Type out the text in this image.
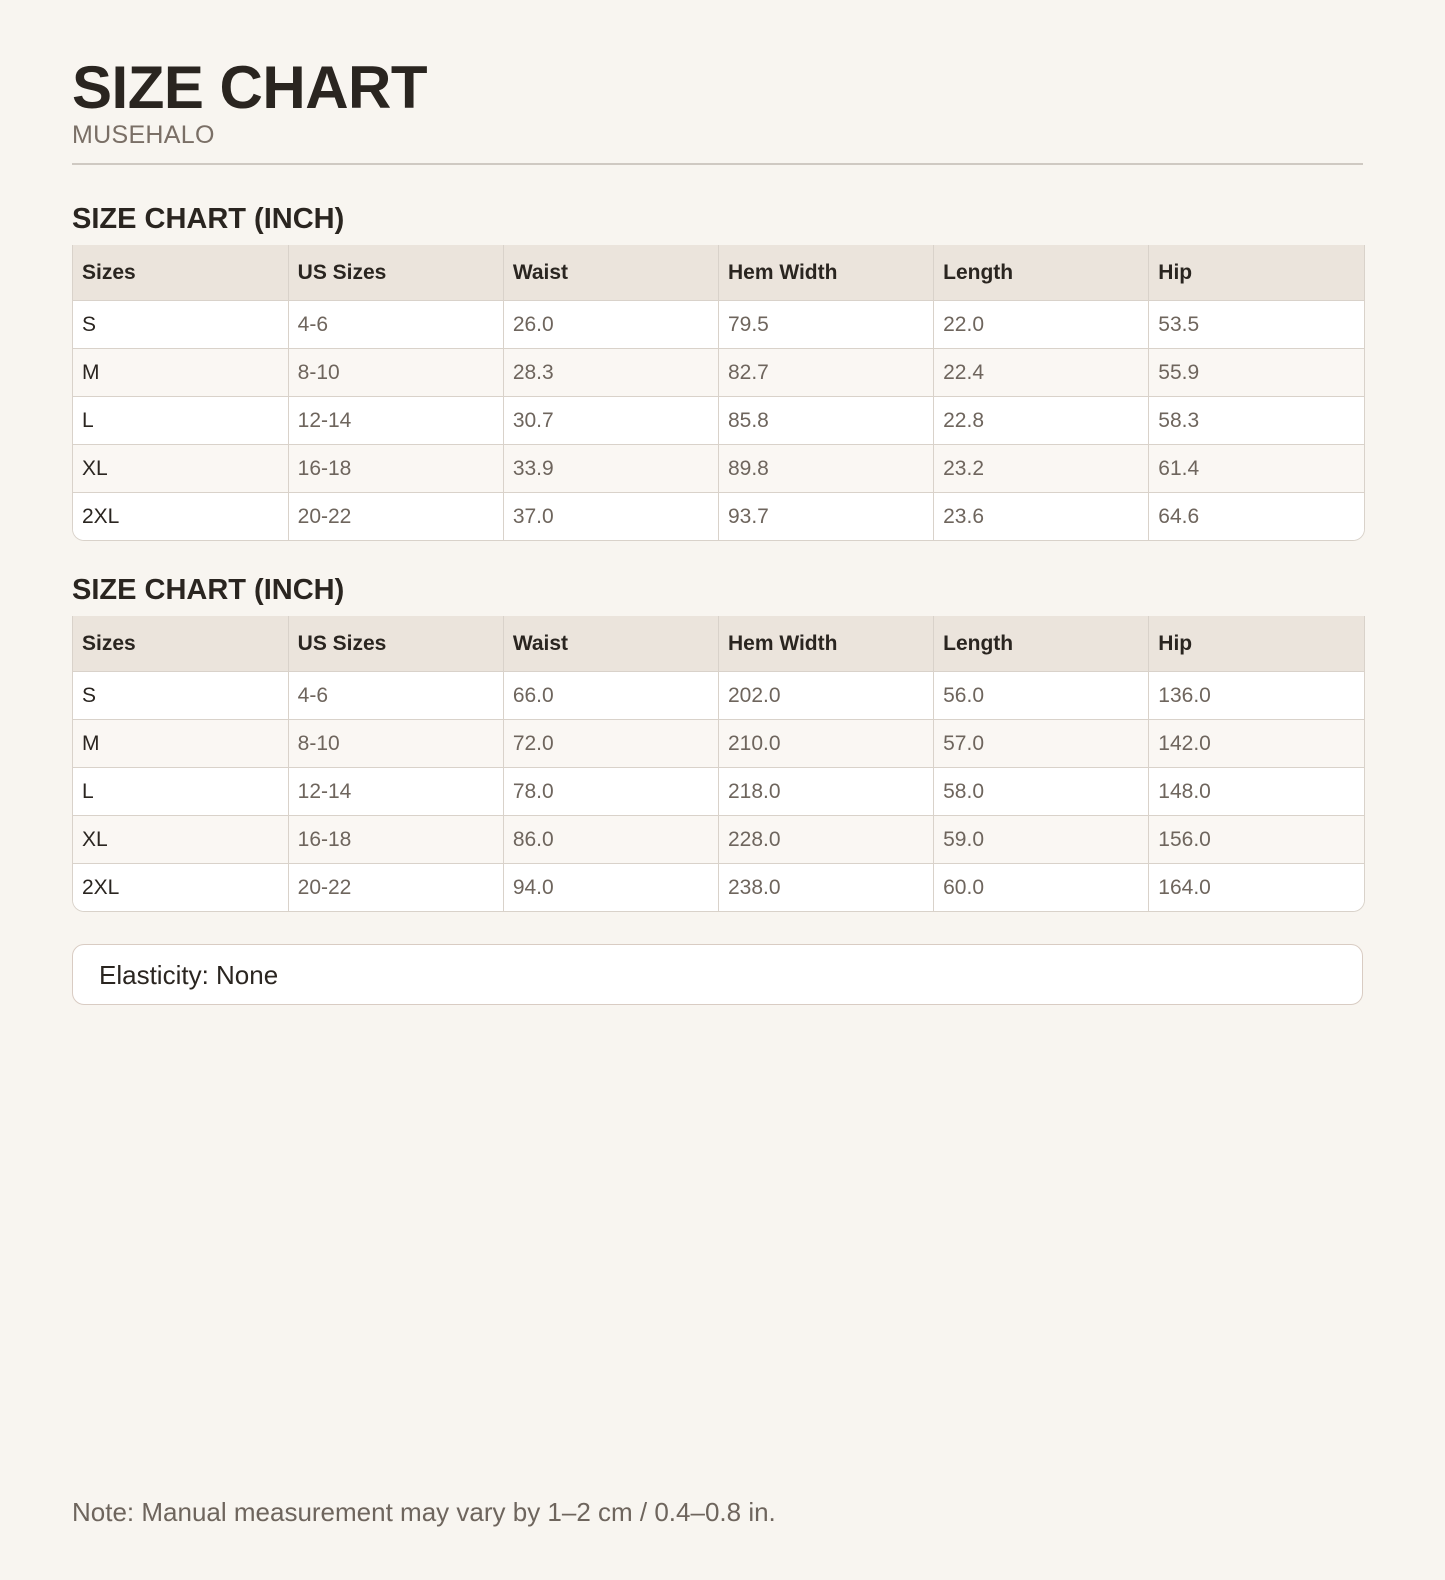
SIZE CHART
MUSEHALO
SIZE CHART (INCH)
Sizes	US Sizes	Waist	Hem Width	Length	Hip
S	4-6	26.0	79.5	22.0	53.5
M	8-10	28.3	82.7	22.4	55.9
L	12-14	30.7	85.8	22.8	58.3
XL	16-18	33.9	89.8	23.2	61.4
2XL	20-22	37.0	93.7	23.6	64.6
SIZE CHART (INCH)
Sizes	US Sizes	Waist	Hem Width	Length	Hip
S	4-6	66.0	202.0	56.0	136.0
M	8-10	72.0	210.0	57.0	142.0
L	12-14	78.0	218.0	58.0	148.0
XL	16-18	86.0	228.0	59.0	156.0
2XL	20-22	94.0	238.0	60.0	164.0
Elasticity: None
Note: Manual measurement may vary by 1–2 cm / 0.4–0.8 in.
